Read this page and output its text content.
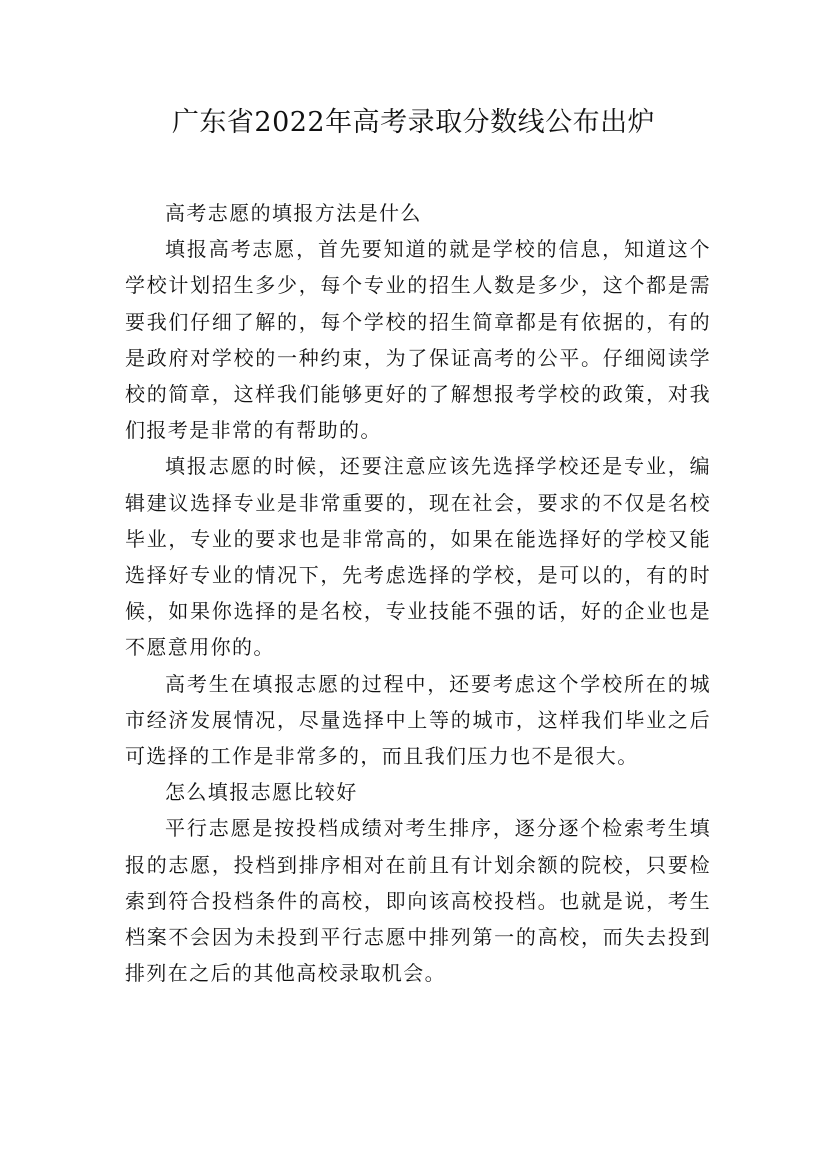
广东省2022年高考录取分数线公布出炉

高考志愿的填报方法是什么

填报高考志愿，首先要知道的就是学校的信息，知道这个学校计划招生多少，每个专业的招生人数是多少，这个都是需要我们仔细了解的，每个学校的招生简章都是有依据的，有的是政府对学校的一种约束，为了保证高考的公平。仔细阅读学校的简章，这样我们能够更好的了解想报考学校的政策，对我们报考是非常的有帮助的。

填报志愿的时候，还要注意应该先选择学校还是专业，编辑建议选择专业是非常重要的，现在社会，要求的不仅是名校毕业，专业的要求也是非常高的，如果在能选择好的学校又能选择好专业的情况下，先考虑选择的学校，是可以的，有的时候，如果你选择的是名校，专业技能不强的话，好的企业也是不愿意用你的。

高考生在填报志愿的过程中，还要考虑这个学校所在的城市经济发展情况，尽量选择中上等的城市，这样我们毕业之后可选择的工作是非常多的，而且我们压力也不是很大。

怎么填报志愿比较好

平行志愿是按投档成绩对考生排序，逐分逐个检索考生填报的志愿，投档到排序相对在前且有计划余额的院校，只要检索到符合投档条件的高校，即向该高校投档。也就是说，考生档案不会因为未投到平行志愿中排列第一的高校，而失去投到排列在之后的其他高校录取机会。
